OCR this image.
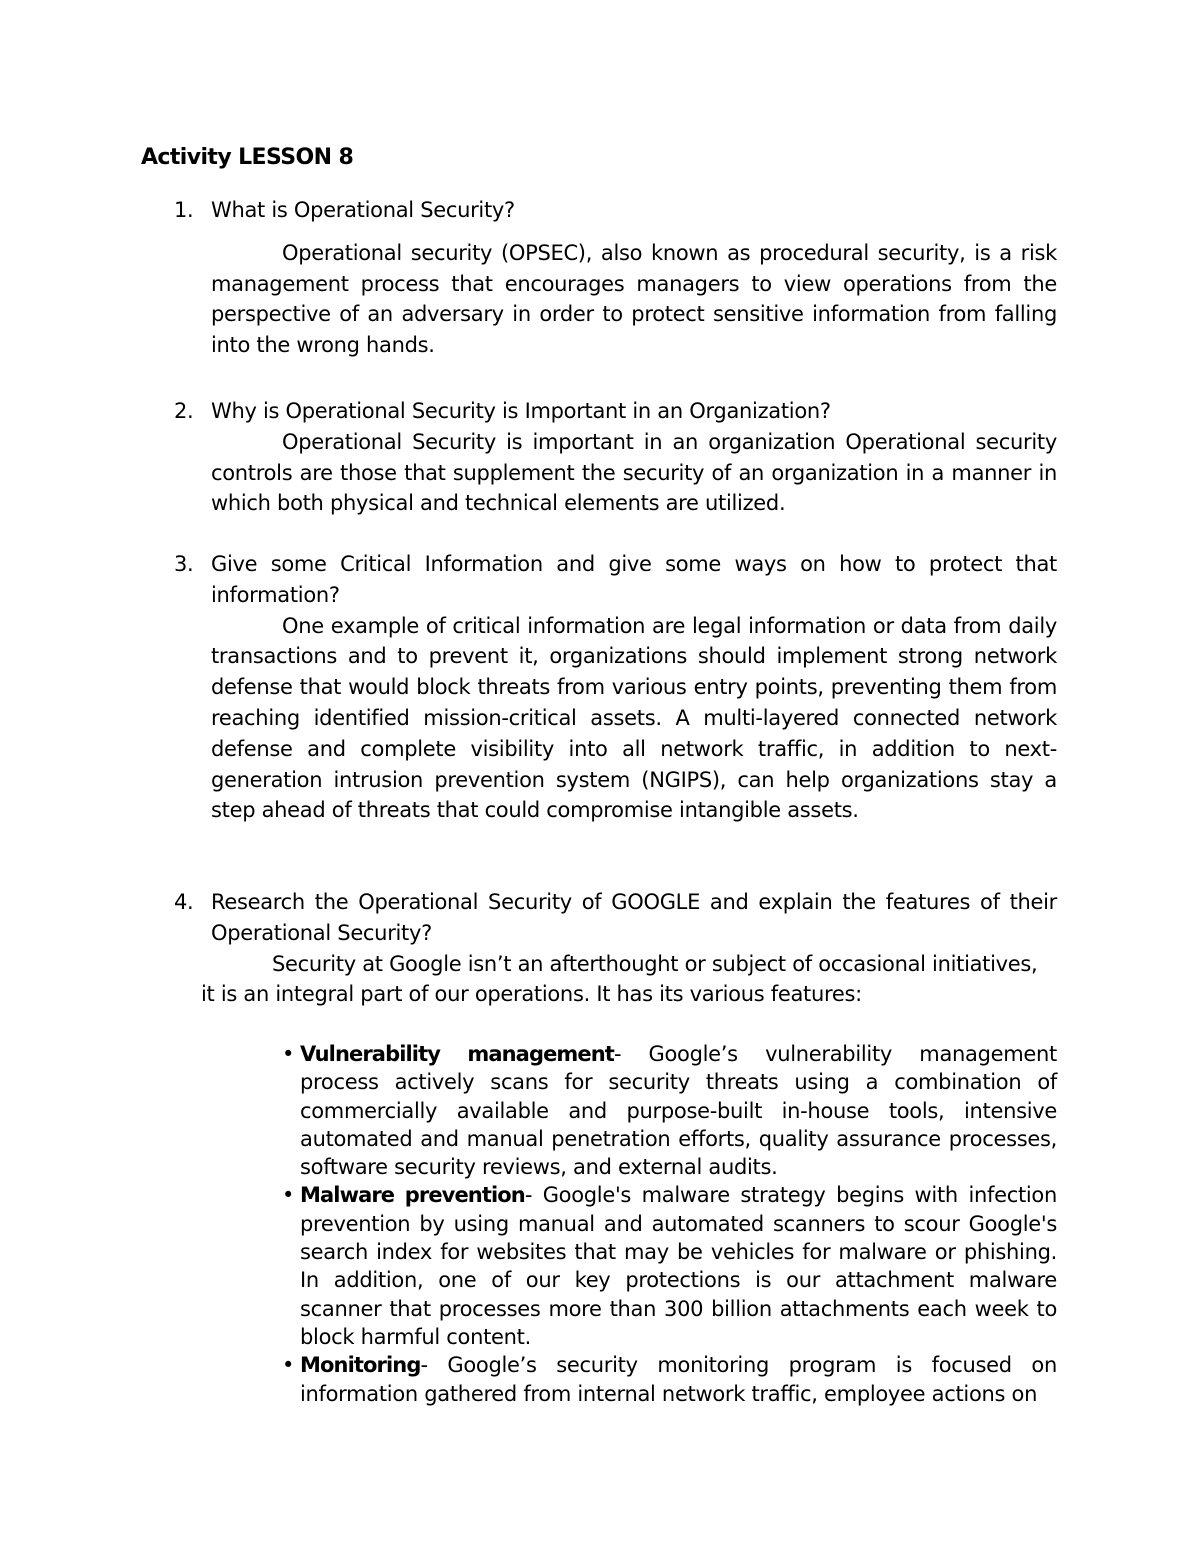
Activity LESSON 8
1. What is Operational Security?
Operational security (OPSEC), also known as procedural security, is a risk management process that encourages managers to view operations from the perspective of an adversary in order to protect sensitive information from falling into the wrong hands.
2. Why is Operational Security is Important in an Organization?
Operational Security is important in an organization Operational security controls are those that supplement the security of an organization in a manner in which both physical and technical elements are utilized.
3. Give some Critical Information and give some ways on how to protect that information?
One example of critical information are legal information or data from daily transactions and to prevent it, organizations should implement strong network defense that would block threats from various entry points, preventing them from reaching identified mission-critical assets. A multi-layered connected network defense and complete visibility into all network traffic, in addition to next-generation intrusion prevention system (NGIPS), can help organizations stay a step ahead of threats that could compromise intangible assets.
4. Research the Operational Security of GOOGLE and explain the features of their Operational Security?
Security at Google isn’t an afterthought or subject of occasional initiatives, it is an integral part of our operations. It has its various features:
• Vulnerability management- Google’s vulnerability management process actively scans for security threats using a combination of commercially available and purpose-built in-house tools, intensive automated and manual penetration efforts, quality assurance processes, software security reviews, and external audits.
• Malware prevention- Google's malware strategy begins with infection prevention by using manual and automated scanners to scour Google's search index for websites that may be vehicles for malware or phishing. In addition, one of our key protections is our attachment malware scanner that processes more than 300 billion attachments each week to block harmful content.
• Monitoring- Google’s security monitoring program is focused on information gathered from internal network traffic, employee actions on
